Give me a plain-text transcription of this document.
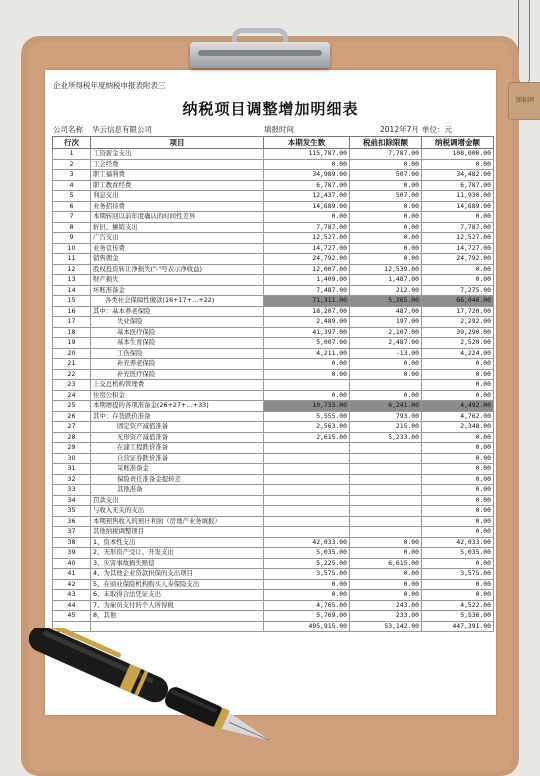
图标网
企业所得税年度纳税申报表附表三
纳税项目调整增加明细表
公司名称 华云信息有限公司	填报时间	2012年7月 单位：元
行次	项目	本期发生数	税前扣除限额	纳税调增金额
1	工资薪金支出	115,787.00	7,787.00	108,000.00
2	工会经费	0.00	0.00	0.00
3	职工福利费	34,989.00	507.00	34,482.00
4	职工教育经费	6,787.00	0.00	6,787.00
5	利息支出	12,437.00	507.00	11,930.00
6	业务招待费	14,689.00	0.00	14,689.00
7	本期转回以前年度确认的时间性差异	0.00	0.00	0.00
8	折旧、摊销支出	7,787.00	0.00	7,787.00
9	广告支出	12,527.00	0.00	12,527.00
10	业务宣传费	14,727.00	0.00	14,727.00
11	销售佣金	24,792.00	0.00	24,792.00
12	股权投资转让净损失("-"号表示净收益)	12,007.00	12,539.00	0.00
13	财产损失	1,409.00	1,487.00	0.00
14	坏账准备金	7,487.00	212.00	7,275.00
15	各类社会保障性缴款(16+17+…+22)	71,311.00	5,265.00	66,046.00
16	其中：基本养老保险	18,207.00	487.00	17,720.00
17	失业保险	2,489.00	197.00	2,292.00
18	基本医疗保险	41,397.00	2,107.00	39,290.00
19	基本生育保险	5,007.00	2,487.00	2,520.00
20	工伤保险	4,211.00	-13.00	4,224.00
21	补充养老保险	0.00	0.00	0.00
22	补充医疗保险	0.00	0.00	0.00
23	上交总机构管理费			0.00
24	住房公积金	0.00	0.00	0.00
25	本期增提的各项准备金(26+27+…+33)	10,733.00	6,241.00	4,492.00
26	其中：存货跌价准备	5,555.00	793.00	4,762.00
27	固定资产减值准备	2,563.00	215.00	2,348.00
28	无形资产减值准备	2,615.00	5,233.00	0.00
29	在建工程跌价准备			0.00
30	自营证券跌价准备			0.00
31	呆账准备金			0.00
32	保险责任准备金提转差			0.00
33	其他准备			0.00
34	罚款支出			0.00
35	与收入无关的支出			0.00
36	本期预售收入的预计利润（房地产业务填报）			0.00
37	其他纳税调整项目			0.00
38	1、资本性支出	42,033.00	0.00	42,033.00
39	2、无形资产受让、开发支出	5,035.00	0.00	5,035.00
40	3、灾害事故损失赔偿	5,225.00	6,615.00	0.00
41	4、为其他企业贷款担保的支出项目	3,575.00	0.00	3,575.00
42	5、在商业保险机构购买人寿保险支出	0.00	0.00	0.00
43	6、未取得合法凭证支出	0.00	0.00	0.00
44	7、为雇员支付的个人所得税	4,765.00	243.00	4,522.00
45	8、其他	5,769.00	233.00	5,536.00
		495,915.00	53,142.00	447,391.00
